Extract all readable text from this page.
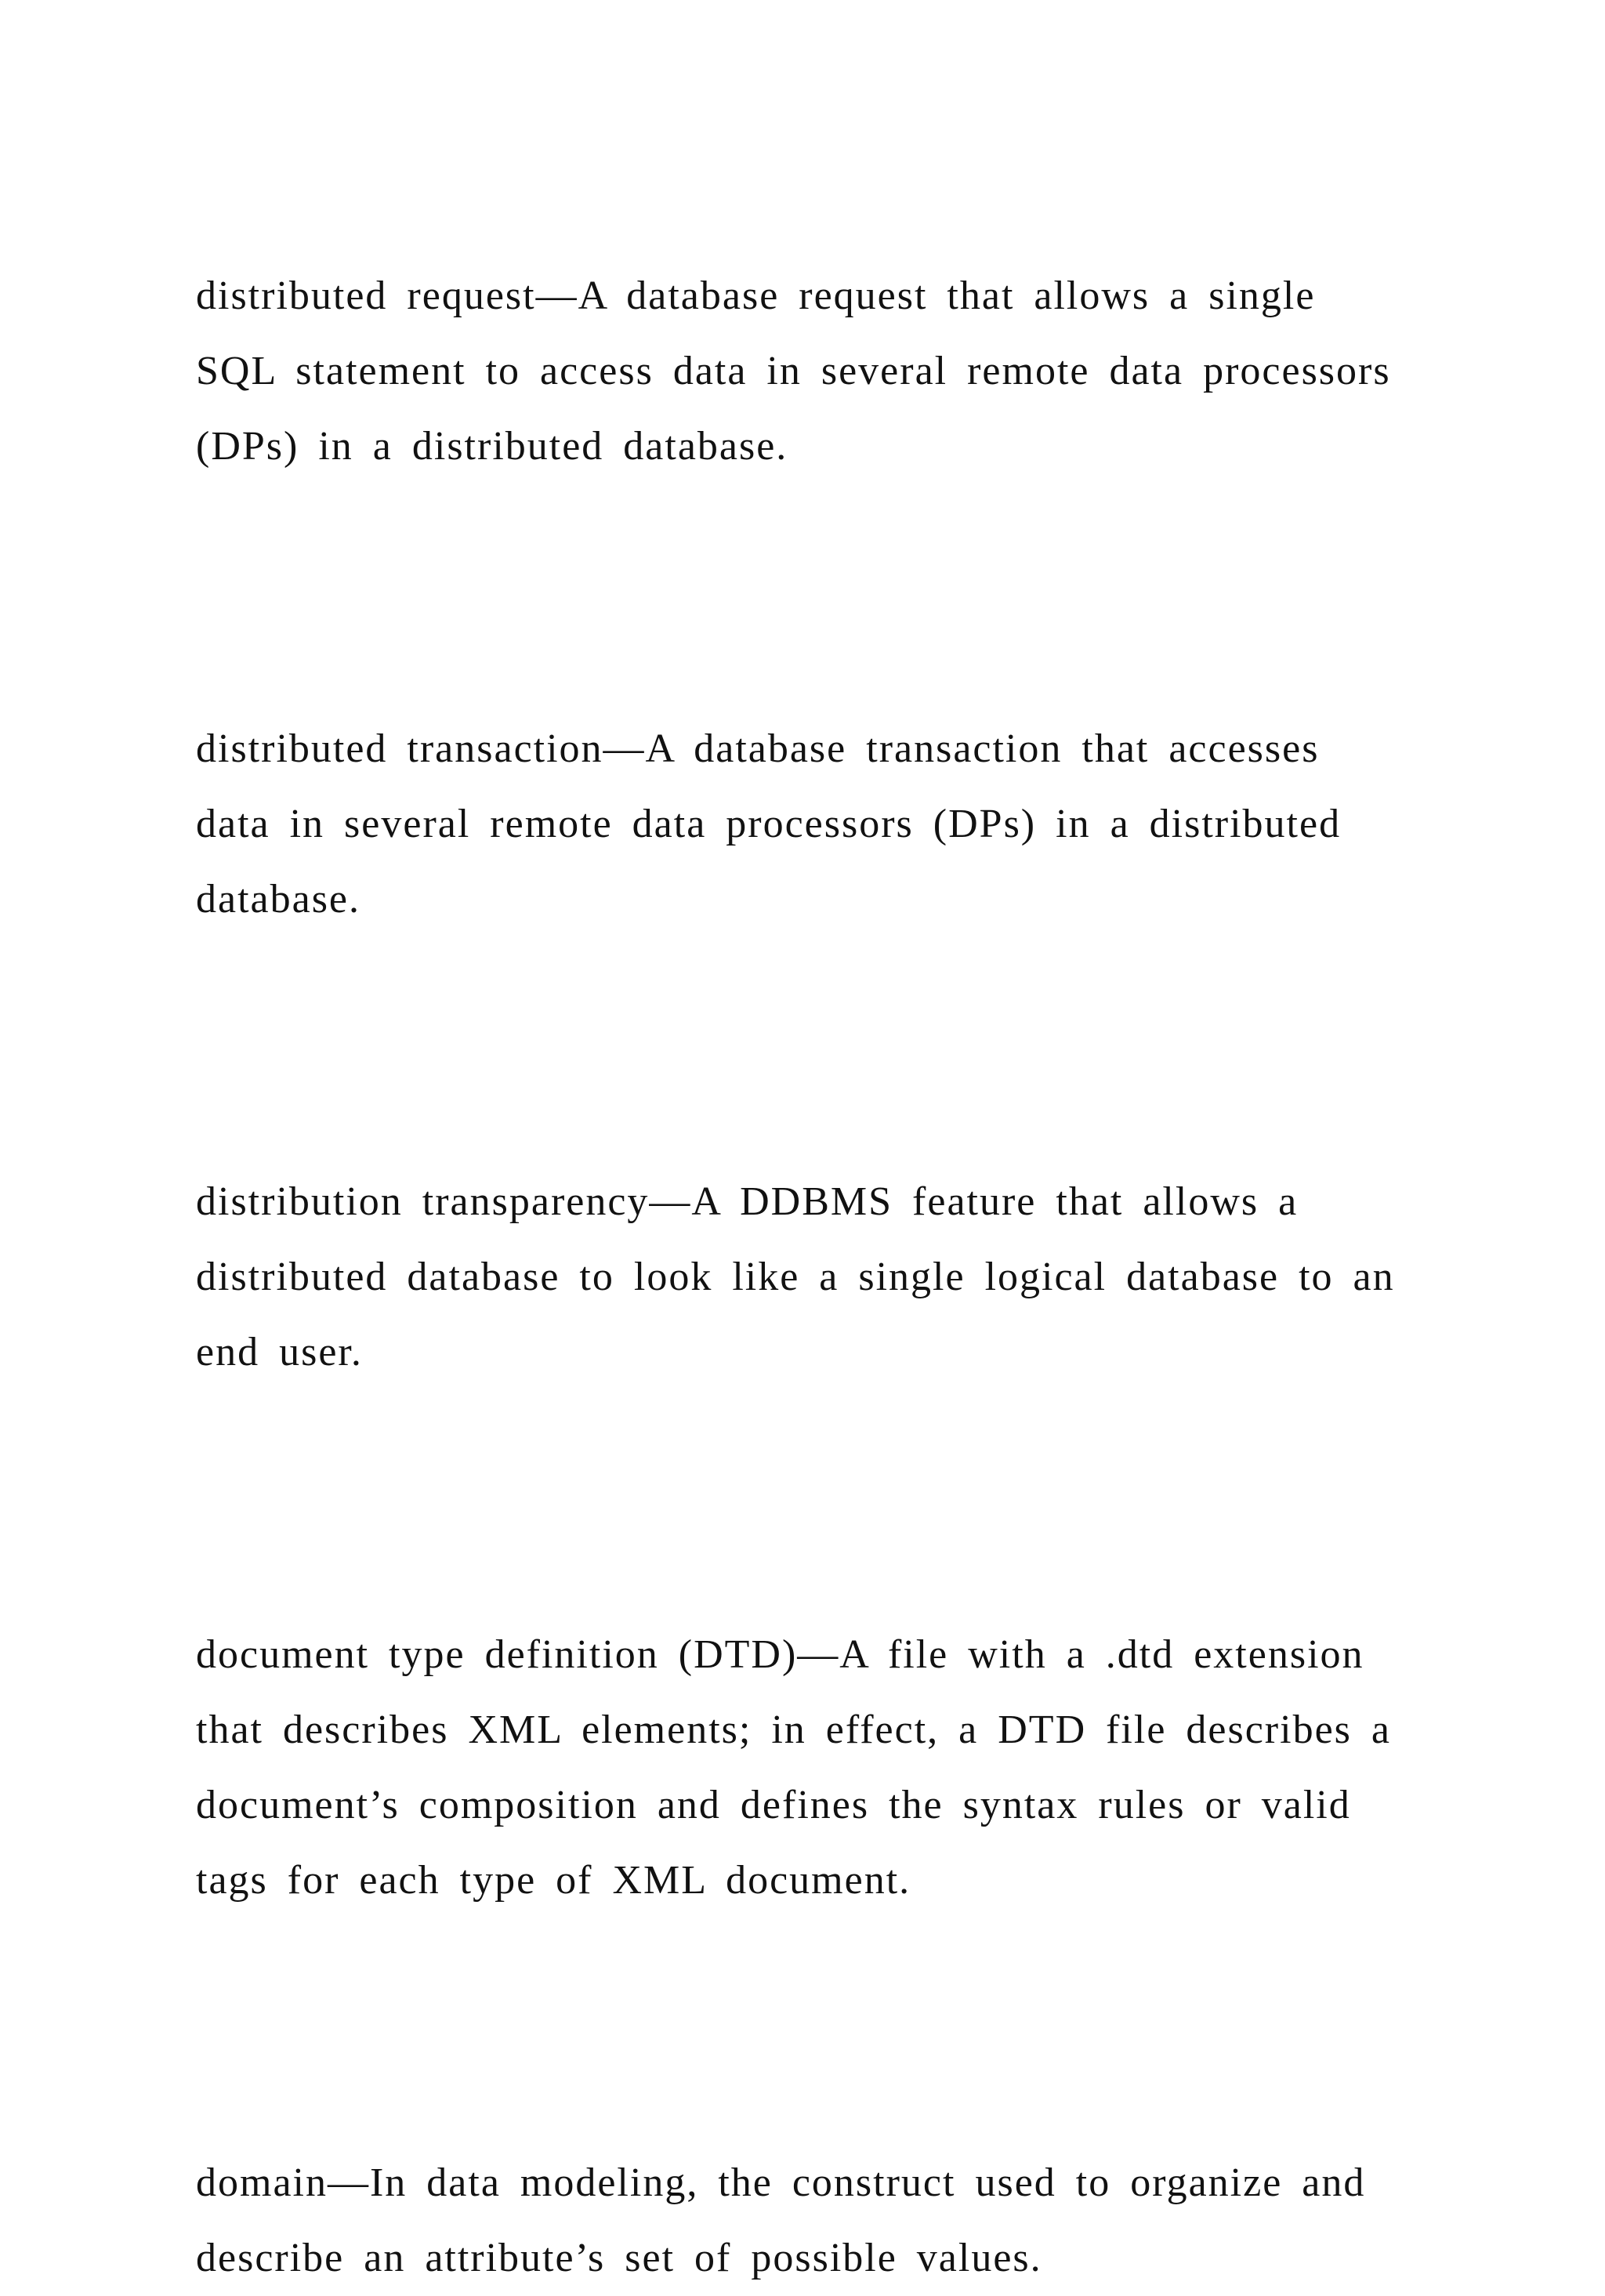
distributed request—A database request that allows a single
SQL statement to access data in several remote data processors
(DPs) in a distributed database.
distributed transaction—A database transaction that accesses
data in several remote data processors (DPs) in a distributed
database.
distribution transparency—A DDBMS feature that allows a
distributed database to look like a single logical database to an
end user.
document type definition (DTD)—A file with a .dtd extension
that describes XML elements; in effect, a DTD file describes a
document’s composition and defines the syntax rules or valid
tags for each type of XML document.
domain—In data modeling, the construct used to organize and
describe an attribute’s set of possible values.
